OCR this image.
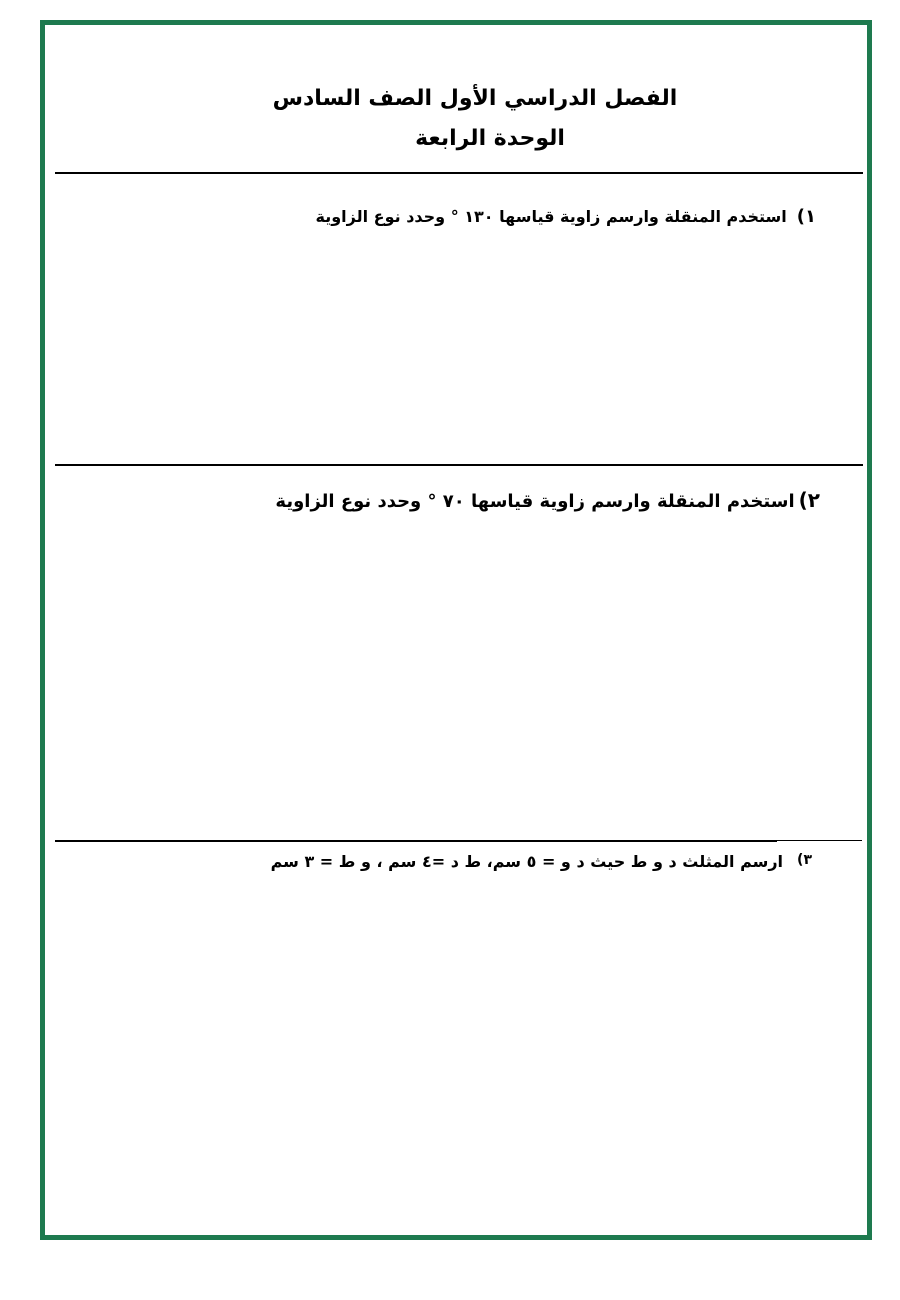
الفصل الدراسي الأول الصف السادس
الوحدة الرابعة
١)استخدم المنقلة وارسم زاوية قياسها ١٣٠ ° وحدد نوع الزاوية
٢)استخدم المنقلة وارسم زاوية قياسها ٧٠ ° وحدد نوع الزاوية
٣)ارسم المثلث د و ط حيث د و = ٥ سم، ط د =٤ سم ، و ط = ٣ سم
